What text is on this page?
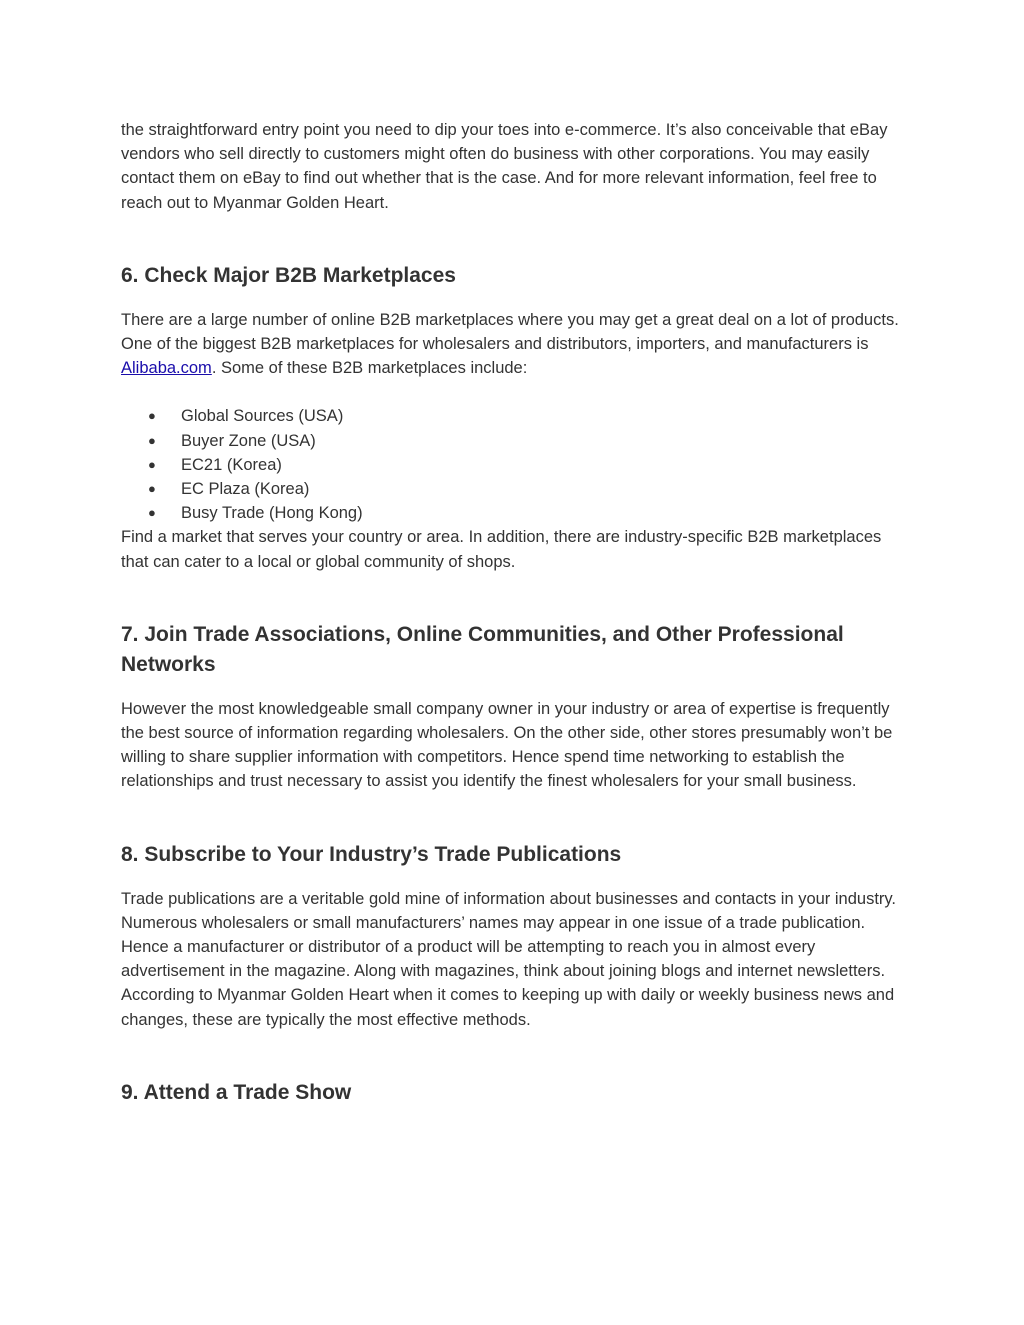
the straightforward entry point you need to dip your toes into e-commerce. It’s also conceivable that eBay vendors who sell directly to customers might often do business with other corporations. You may easily contact them on eBay to find out whether that is the case. And for more relevant information, feel free to reach out to Myanmar Golden Heart.

6. Check Major B2B Marketplaces

There are a large number of online B2B marketplaces where you may get a great deal on a lot of products. One of the biggest B2B marketplaces for wholesalers and distributors, importers, and manufacturers is Alibaba.com. Some of these B2B marketplaces include:

● Global Sources (USA)
● Buyer Zone (USA)
● EC21 (Korea)
● EC Plaza (Korea)
● Busy Trade (Hong Kong)

Find a market that serves your country or area. In addition, there are industry-specific B2B marketplaces that can cater to a local or global community of shops.

7. Join Trade Associations, Online Communities, and Other Professional Networks

However the most knowledgeable small company owner in your industry or area of expertise is frequently the best source of information regarding wholesalers. On the other side, other stores presumably won’t be willing to share supplier information with competitors. Hence spend time networking to establish the relationships and trust necessary to assist you identify the finest wholesalers for your small business.

8. Subscribe to Your Industry’s Trade Publications

Trade publications are a veritable gold mine of information about businesses and contacts in your industry. Numerous wholesalers or small manufacturers’ names may appear in one issue of a trade publication. Hence a manufacturer or distributor of a product will be attempting to reach you in almost every advertisement in the magazine. Along with magazines, think about joining blogs and internet newsletters. According to Myanmar Golden Heart when it comes to keeping up with daily or weekly business news and changes, these are typically the most effective methods.

9. Attend a Trade Show
